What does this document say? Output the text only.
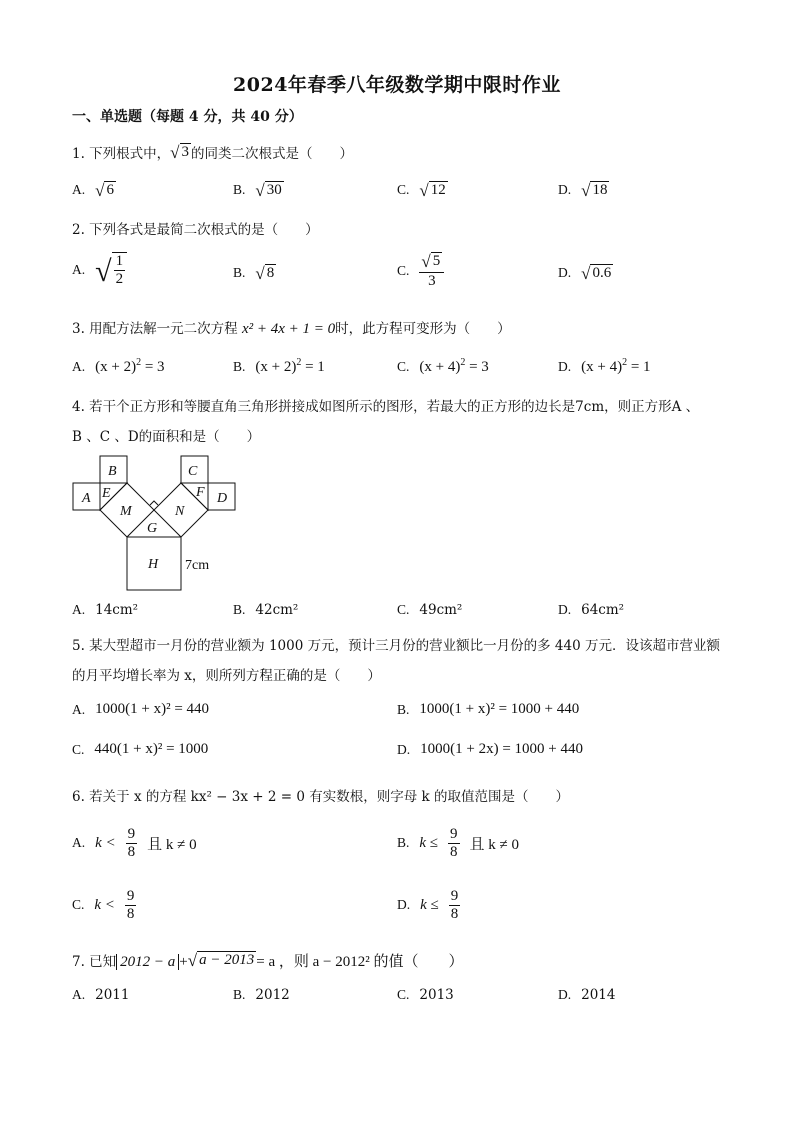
2024年春季八年级数学期中限时作业
一、单选题（每题 4 分，共 40 分）
1. 下列根式中， √ 3 的同类二次根式是（　　）
A. √ 6	B. √ 30	C. √ 12	D. √ 18
2. 下列各式是最简二次根式的是（　　）
A. √ $\frac{1}{2}$	B. √ 8	C. $\frac{√ 5}{3}$	D. √ 0.6
3. 用配方法解一元二次方程 x² + 4x + 1 = 0时，此方程可变形为（　　）
A. $(x + 2)^2 = 3$	B. $(x + 2)^2 = 1$	C. $(x + 4)^2 = 3$	D. $(x + 4)^2 = 1$
4. 若干个正方形和等腰直角三角形拼接成如图所示的图形，若最大的正方形的边长是7cm，则正方形A 、
B 、C 、D的面积和是（　　）
A
B	C
D
E	F
G
H
M	N
7cm
A. 14cm²	B. 42cm²	C. 49cm²	D. 64cm²
5. 某大型超市一月份的营业额为 1000 万元，预计三月份的营业额比一月份的多 440 万元．设该超市营业额
的月平均增长率为 x，则所列方程正确的是（　　）
A. 1000(1 + x)² = 440	B. 1000(1 + x)² = 1000 + 440
C. 440(1 + x)² = 1000	D. 1000(1 + 2x) = 1000 + 440
6. 若关于 x 的方程 kx² − 3x + 2 = 0 有实数根，则字母 k 的取值范围是（　　）
A. $k < \frac{9}{8}$ 且 k ≠ 0	B. $k \le \frac{9}{8}$ 且 k ≠ 0
C. $k < \frac{9}{8}$	D. $k \le \frac{9}{8}$
7. 已知 2012 − a + √ a − 2013 = a ，则 a − 2012² 的值（　　）
A. 2011	B. 2012	C. 2013	D. 2014
